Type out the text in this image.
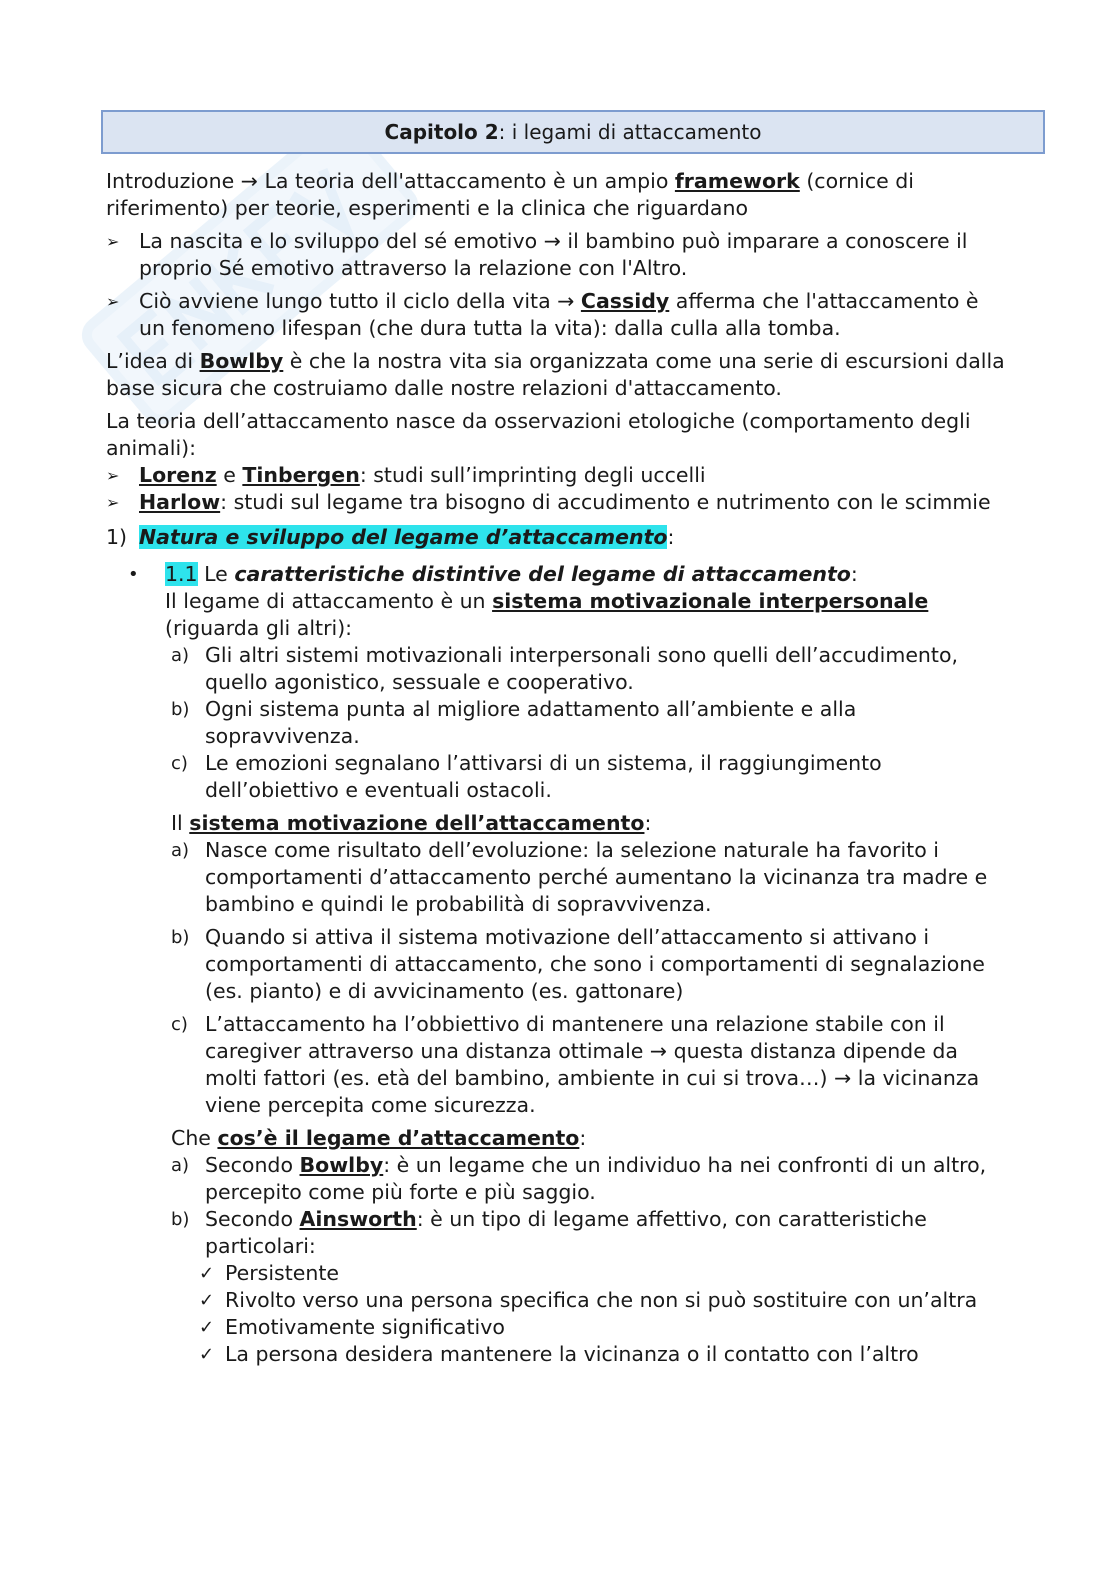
Capitolo 2: i legami di attaccamento

Introduzione → La teoria dell'attaccamento è un ampio framework (cornice di riferimento) per teorie, esperimenti e la clinica che riguardano

➢ La nascita e lo sviluppo del sé emotivo → il bambino può imparare a conoscere il proprio Sé emotivo attraverso la relazione con l'Altro.
➢ Ciò avviene lungo tutto il ciclo della vita → Cassidy afferma che l'attaccamento è un fenomeno lifespan (che dura tutta la vita): dalla culla alla tomba.

L’idea di Bowlby è che la nostra vita sia organizzata come una serie di escursioni dalla base sicura che costruiamo dalle nostre relazioni d'attaccamento.

La teoria dell’attaccamento nasce da osservazioni etologiche (comportamento degli animali):

➢ Lorenz e Tinbergen: studi sull’imprinting degli uccelli
➢ Harlow: studi sul legame tra bisogno di accudimento e nutrimento con le scimmie
1) Natura e sviluppo del legame d’attaccamento:
•	1.1 Le caratteristiche distintive del legame di attaccamento:

Il legame di attaccamento è un sistema motivazionale interpersonale (riguarda gli altri):

a) Gli altri sistemi motivazionali interpersonali sono quelli dell’accudimento, quello agonistico, sessuale e cooperativo.
b) Ogni sistema punta al migliore adattamento all’ambiente e alla sopravvivenza.
c) Le emozioni segnalano l’attivarsi di un sistema, il raggiungimento dell’obiettivo e eventuali ostacoli.

Il sistema motivazione dell’attaccamento:

a) Nasce come risultato dell’evoluzione: la selezione naturale ha favorito i comportamenti d’attaccamento perché aumentano la vicinanza tra madre e bambino e quindi le probabilità di sopravvivenza.
b) Quando si attiva il sistema motivazione dell’attaccamento si attivano i comportamenti di attaccamento, che sono i comportamenti di segnalazione (es. pianto) e di avvicinamento (es. gattonare)
c) L’attaccamento ha l’obbiettivo di mantenere una relazione stabile con il caregiver attraverso una distanza ottimale → questa distanza dipende da molti fattori (es. età del bambino, ambiente in cui si trova…) → la vicinanza viene percepita come sicurezza.

Che cos’è il legame d’attaccamento:

a) Secondo Bowlby: è un legame che un individuo ha nei confronti di un altro, percepito come più forte e più saggio.
b) Secondo Ainsworth: è un tipo di legame affettivo, con caratteristiche particolari:
✓ Persistente
✓ Rivolto verso una persona specifica che non si può sostituire con un’altra
✓ Emotivamente significativo
✓ La persona desidera mantenere la vicinanza o il contatto con l’altro
